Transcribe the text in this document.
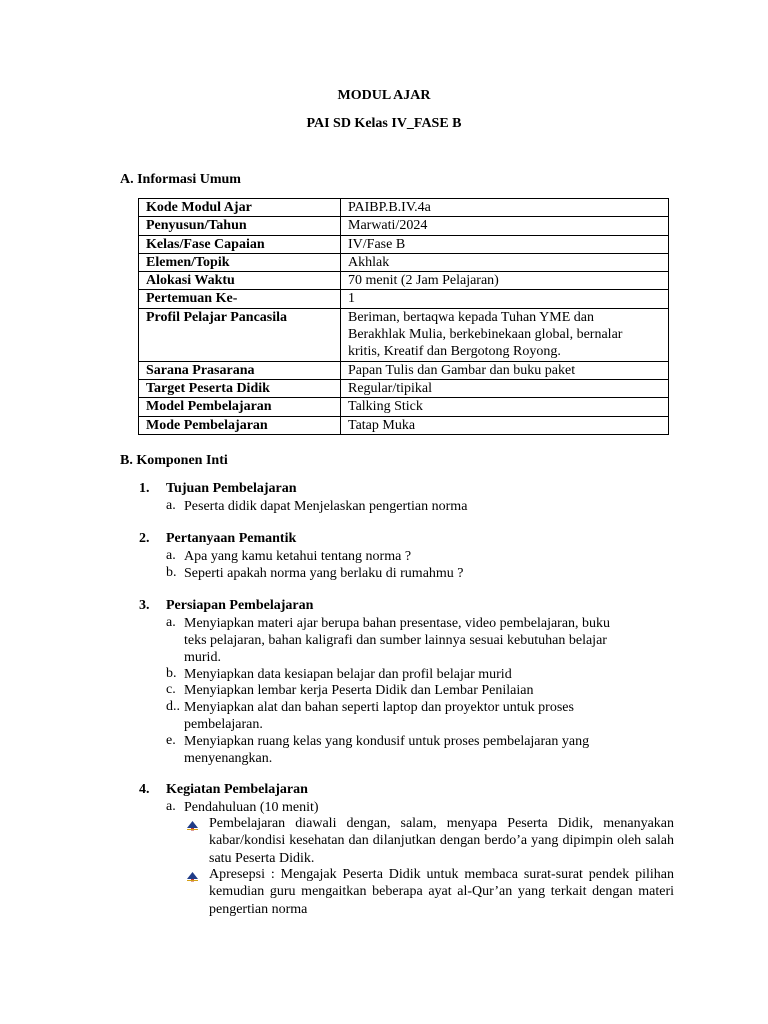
MODUL AJAR
PAI SD Kelas IV_FASE B
A. Informasi Umum
Kode Modul Ajar	PAIBP.B.IV.4a
Penyusun/Tahun	Marwati/2024
Kelas/Fase Capaian	IV/Fase B
Elemen/Topik	Akhlak
Alokasi Waktu	70 menit (2 Jam Pelajaran)
Pertemuan Ke-	1
Profil Pelajar Pancasila	Beriman, bertaqwa kepada Tuhan YME dan Berakhlak Mulia, berkebinekaan global, bernalar kritis, Kreatif dan Bergotong Royong.
Sarana Prasarana	Papan Tulis dan Gambar dan buku paket
Target Peserta Didik	Regular/tipikal
Model Pembelajaran	Talking Stick
Mode Pembelajaran	Tatap Muka
B. Komponen Inti
1. Tujuan Pembelajaran
a. Peserta didik dapat Menjelaskan pengertian norma
2. Pertanyaan Pemantik
a. Apa yang kamu ketahui tentang norma ?
b. Seperti apakah norma yang berlaku di rumahmu ?
3. Persiapan Pembelajaran
a. Menyiapkan materi ajar berupa bahan presentase, video pembelajaran, buku
teks pelajaran, bahan kaligrafi dan sumber lainnya sesuai kebutuhan belajar
murid.
b. Menyiapkan data kesiapan belajar dan profil belajar murid
c. Menyiapkan lembar kerja Peserta Didik dan Lembar Penilaian
d.. Menyiapkan alat dan bahan seperti laptop dan proyektor untuk proses
pembelajaran.
e. Menyiapkan ruang kelas yang kondusif untuk proses pembelajaran yang
menyenangkan.
4. Kegiatan Pembelajaran
a. Pendahuluan (10 menit)
Pembelajaran diawali dengan, salam, menyapa Peserta Didik, menanyakan kabar/kondisi kesehatan dan dilanjutkan dengan berdo’a yang dipimpin oleh salah satu Peserta Didik.
Apresepsi : Mengajak Peserta Didik untuk membaca surat-surat pendek pilihan kemudian guru mengaitkan beberapa ayat al-Qur’an yang terkait dengan materi pengertian norma
